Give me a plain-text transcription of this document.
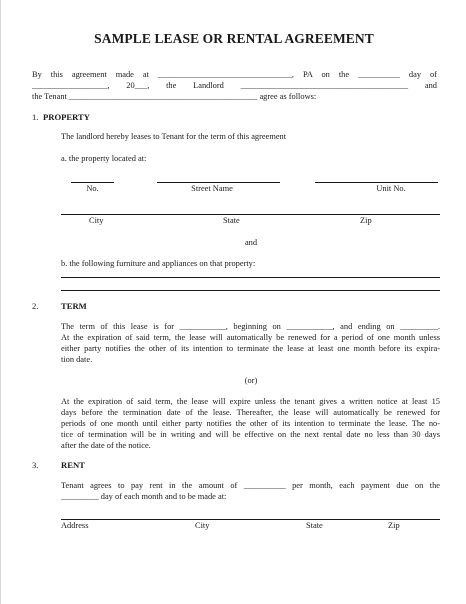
SAMPLE LEASE OR RENTAL AGREEMENT
By this agreement made at ________________________________, PA on the __________ day of
__________________, 20___, the Landlord ________________________________________ and
the Tenant _____________________________________________ agree as follows:
1. PROPERTY
The landlord hereby leases to Tenant for the term of this agreement
a. the property located at:
No.	Street Name	Unit No.
City	State	Zip
and
b. the following furniture and appliances on that property:
2.	TERM
The term of this lease is for ___________, beginning on ___________, and ending on _________.
At the expiration of said term, the lease will automatically be renewed for a period of one month unless
either party notifies the other of its intention to terminate the lease at least one month before its expira-
tion date.
(or)
At the expiration of said term, the lease will expire unless the tenant gives a written notice at least 15
days before the termination date of the lease. Thereafter, the lease will automatically be renewed for
periods of one month until either party notifies the other of its intention to terminate the lease. The no-
tice of termination will be in writing and will be effective on the next rental date no less than 30 days
after the date of the notice.
3.	RENT
Tenant agrees to pay rent in the amount of __________ per month, each payment due on the
_________ day of each month and to be made at:
Address	City	State	Zip
